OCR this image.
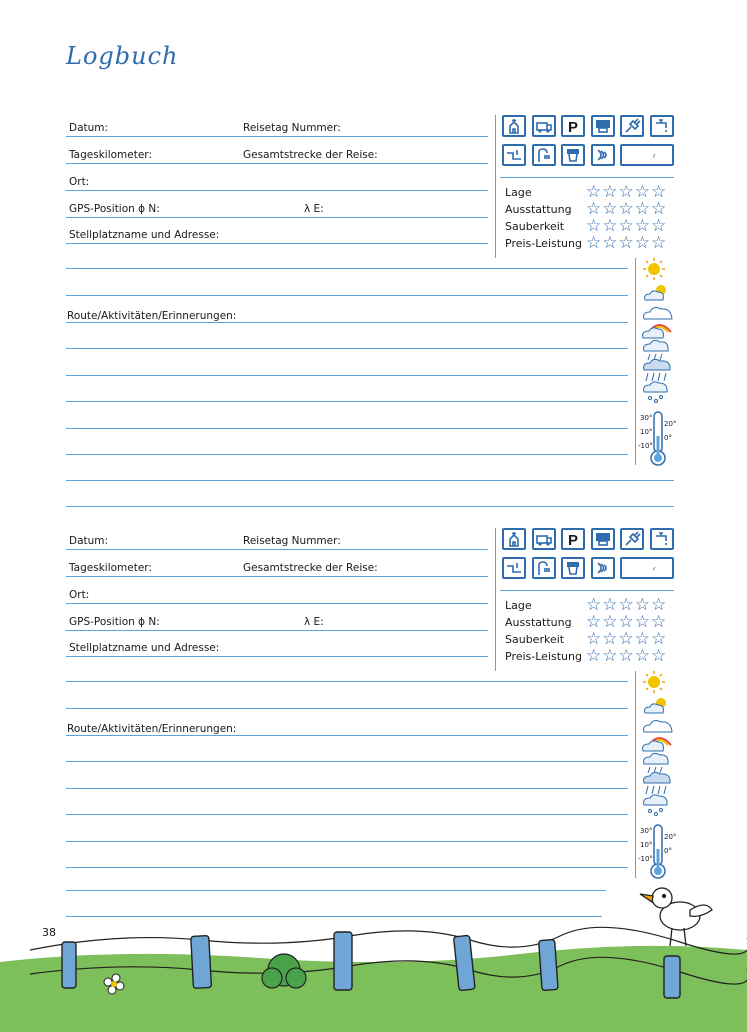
Logbuch
Datum:	Reisetag Nummer:
Tageskilometer:	Gesamtstrecke der Reise:
Ort:
GPS-Position ϕ N:	λ E:
Stellplatzname und Adresse:
P
Lage	☆☆☆☆☆
Ausstattung ☆☆☆☆☆
Sauberkeit ☆☆☆☆☆
Preis-Leistung ☆☆☆☆☆
Route/Aktivitäten/Erinnerungen:
30°
10°
-10°
20°
0°
Datum:	Reisetag Nummer:
Tageskilometer:	Gesamtstrecke der Reise:
Ort:
GPS-Position ϕ N:	λ E:
Stellplatzname und Adresse:
P
Lage	☆☆☆☆☆
Ausstattung ☆☆☆☆☆
Sauberkeit ☆☆☆☆☆
Preis-Leistung ☆☆☆☆☆
Route/Aktivitäten/Erinnerungen:
30°
10°
-10°
20°
0°
38
